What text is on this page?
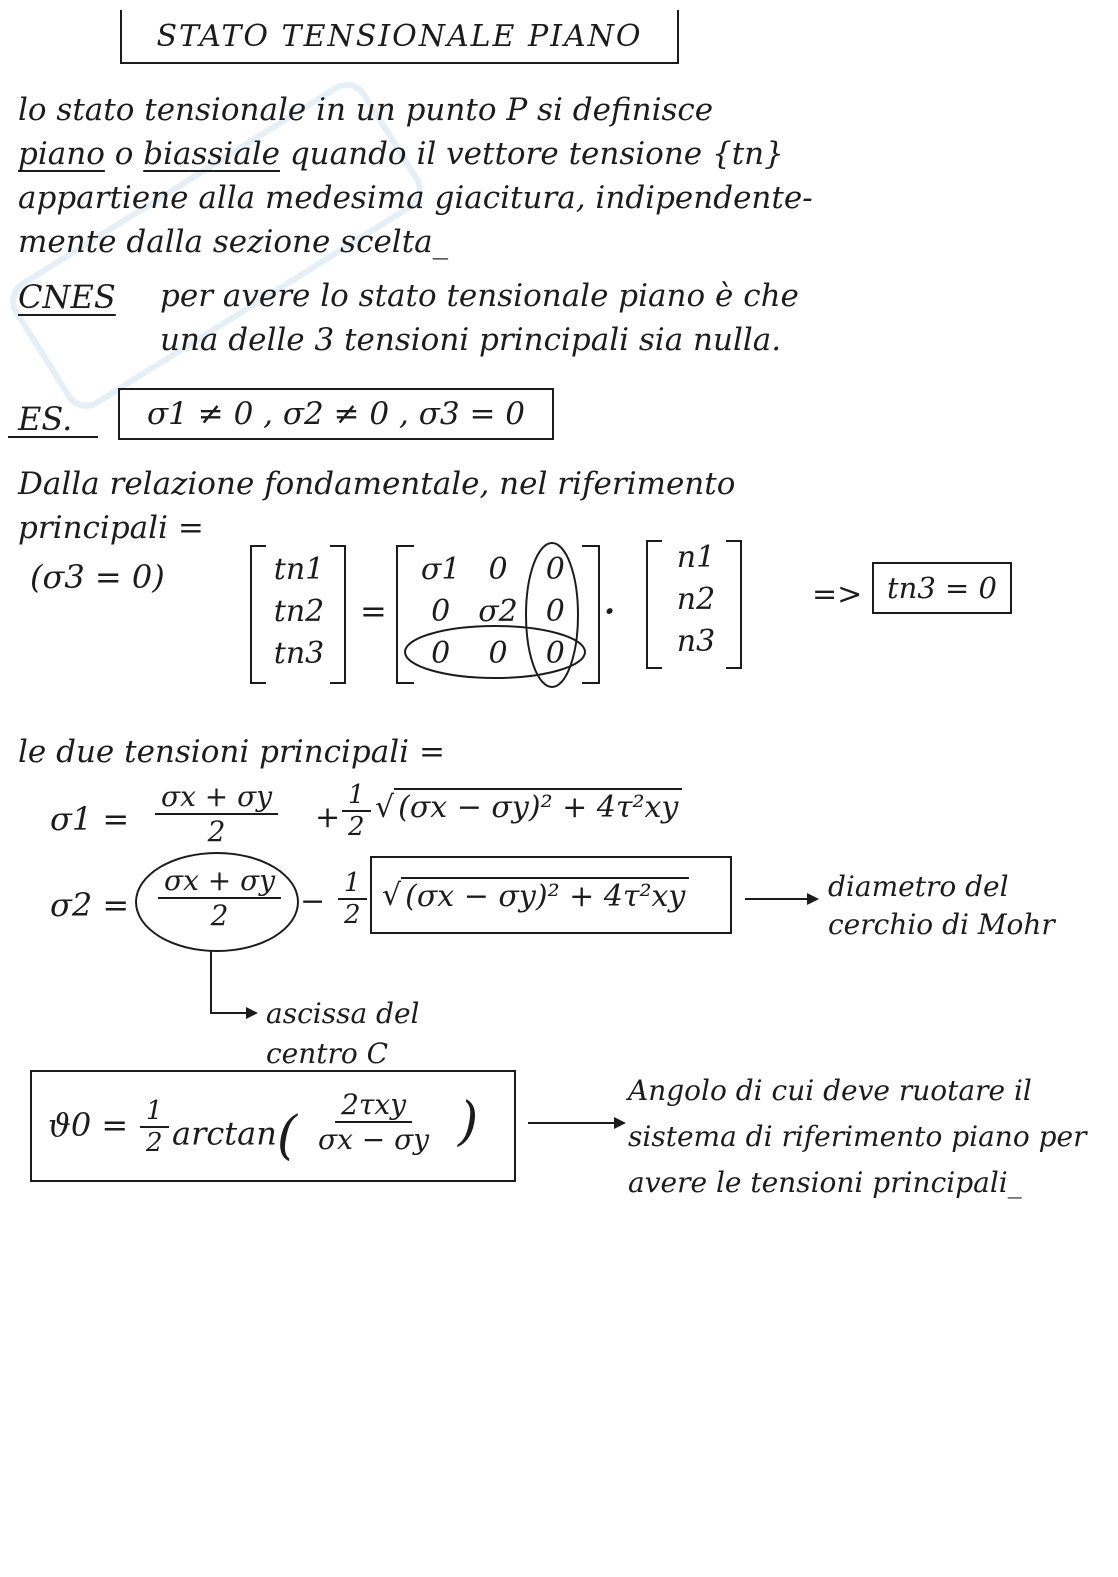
STATO TENSIONALE PIANO
lo stato tensionale in un punto P si definisce
piano o biassiale quando il vettore tensione {tn}
appartiene alla medesima giacitura, indipendente-
mente dalla sezione scelta_
CNES per avere lo stato tensionale piano è che
una delle 3 tensioni principali sia nulla.
ES.	σ1 ≠ 0 , σ2 ≠ 0 , σ3 = 0
Dalla relazione fondamentale, nel riferimento
principali =
(σ3 = 0)	tn1
tn2
tn3
=
σ1 0	0
0 σ2 0
0	0	0
·
n1
n2
n3
=> tn3 = 0
le due tensioni principali =
$\sigma 1 = \frac{\sigma x + \sigma y}{2} + \frac{1}{2}$ √ (σx − σy)² + 4τ²xy
$\sigma 2 = \frac{\sigma x + \sigma y}{2} - \frac{1}{2}$ √ (σx − σy)² + 4τ²xy	diametro del cerchio di Mohr
ascissa del centro C
$ϑ0 = \frac{1}{2} \arctan( \frac{\text{2τxy}}{\sigma x - \sigma y}$ )
Angolo di cui deve ruotare il sistema di riferimento piano per avere le tensioni principali_
